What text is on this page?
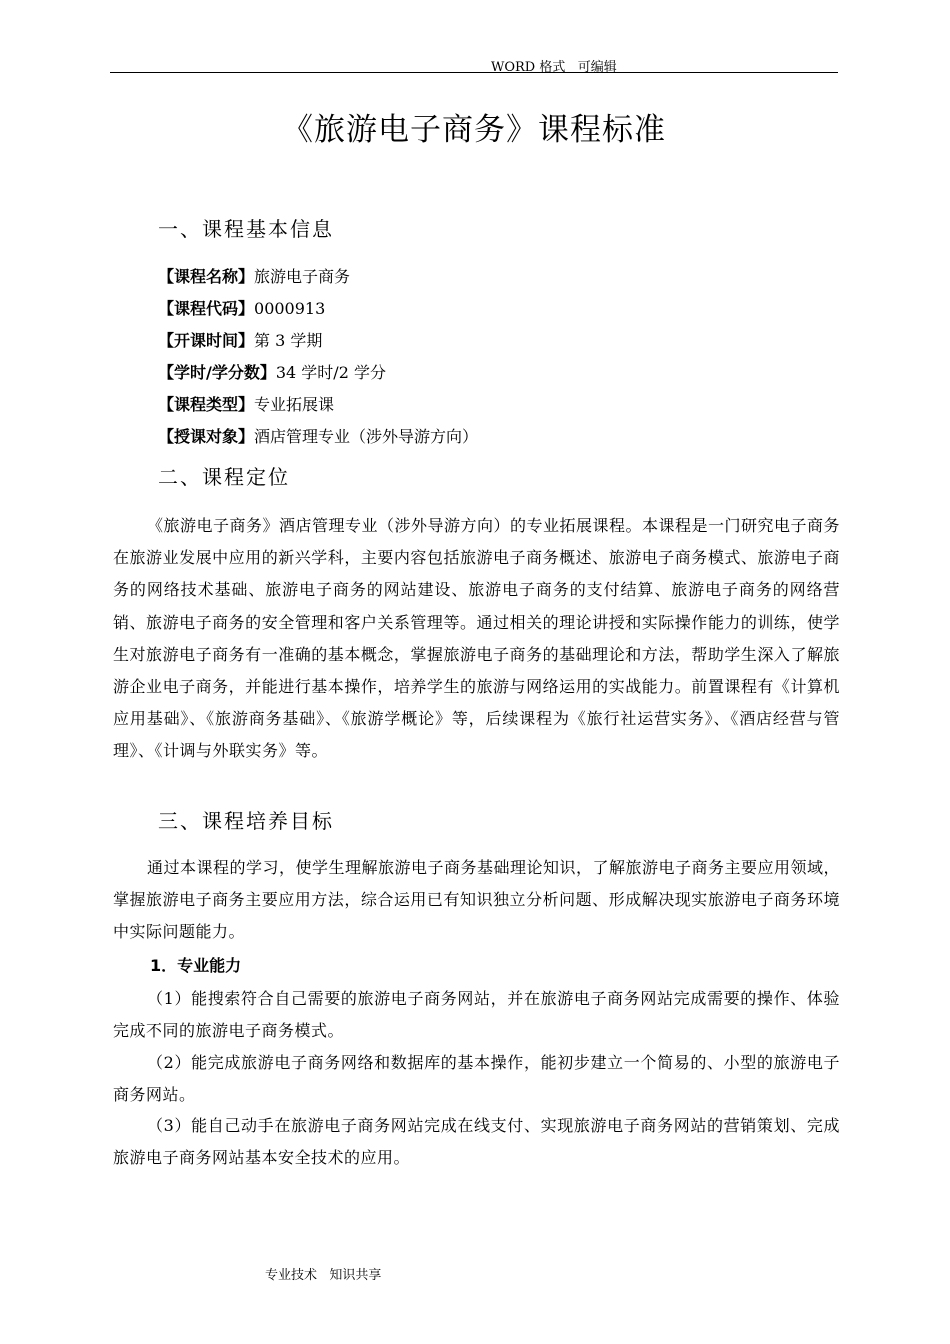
WORD 格式   可编辑
《旅游电子商务》课程标准
一、课程基本信息
【课程名称】旅游电子商务
【课程代码】0000913
【开课时间】第 3 学期
【学时/学分数】34 学时/2 学分
【课程类型】专业拓展课
【授课对象】酒店管理专业（涉外导游方向）
二、课程定位

《旅游电子商务》酒店管理专业（涉外导游方向）的专业拓展课程。本课程是一门研究电子商务在旅游业发展中应用的新兴学科，主要内容包括旅游电子商务概述、旅游电子商务模式、旅游电子商务的网络技术基础、旅游电子商务的网站建设、旅游电子商务的支付结算、旅游电子商务的网络营销、旅游电子商务的安全管理和客户关系管理等。通过相关的理论讲授和实际操作能力的训练，使学生对旅游电子商务有一准确的基本概念，掌握旅游电子商务的基础理论和方法，帮助学生深入了解旅游企业电子商务，并能进行基本操作，培养学生的旅游与网络运用的实战能力。前置课程有《计算机应用基础》、《旅游商务基础》、《旅游学概论》等，后续课程为《旅行社运营实务》、《酒店经营与管理》、《计调与外联实务》等。

三、课程培养目标

通过本课程的学习，使学生理解旅游电子商务基础理论知识，了解旅游电子商务主要应用领域，掌握旅游电子商务主要应用方法，综合运用已有知识独立分析问题、形成解决现实旅游电子商务环境中实际问题能力。

1．专业能力

（1）能搜索符合自己需要的旅游电子商务网站，并在旅游电子商务网站完成需要的操作、体验完成不同的旅游电子商务模式。

（2）能完成旅游电子商务网络和数据库的基本操作，能初步建立一个简易的、小型的旅游电子商务网站。

（3）能自己动手在旅游电子商务网站完成在线支付、实现旅游电子商务网站的营销策划、完成旅游电子商务网站基本安全技术的应用。

专业技术   知识共享
